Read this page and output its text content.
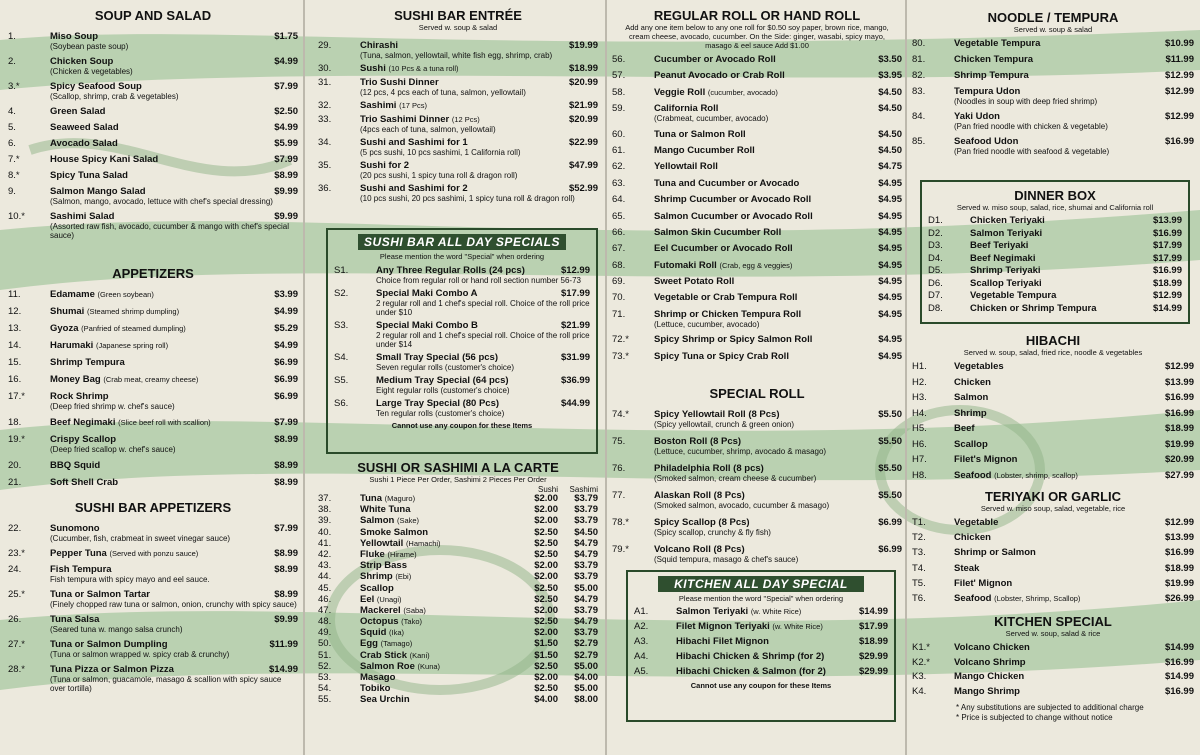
SOUP AND SALAD
1.	Miso Soup
(Soybean paste soup)
$1.75
2.	Chicken Soup
(Chicken & vegetables)
$4.99
3.*	Spicy Seafood Soup
(Scallop, shrimp, crab & vegetables)
$7.99
4.	Green Salad	$2.50
5.	Seaweed Salad	$4.99
6.	Avocado Salad	$5.99
7.*	House Spicy Kani Salad	$7.99
8.*	Spicy Tuna Salad	$8.99
9.	Salmon Mango Salad
(Salmon, mango, avocado, lettuce with chef's special dressing)
$9.99
10.*	Sashimi Salad
(Assorted raw fish, avocado, cucumber & mango with chef's special sauce)
$9.99
APPETIZERS
11.	Edamame (Green soybean)	$3.99
12.	Shumai (Steamed shrimp dumpling)	$4.99
13.	Gyoza (Panfried of steamed dumpling)	$5.29
14.	Harumaki (Japanese spring roll)	$4.99
15.	Shrimp Tempura	$6.99
16.	Money Bag (Crab meat, creamy cheese)	$6.99
17.*	Rock Shrimp
(Deep fried shrimp w. chef's sauce)
$6.99
18.	Beef Negimaki (Slice beef roll with scallion)	$7.99
19.*	Crispy Scallop
(Deep fried scallop w. chef's sauce)
$8.99
20.	BBQ Squid	$8.99
21.	Soft Shell Crab	$8.99
SUSHI BAR APPETIZERS
22.	Sunomono
(Cucumber, fish, crabmeat in sweet vinegar sauce)
$7.99
23.*	Pepper Tuna (Served with ponzu sauce)	$8.99
24.	Fish Tempura
Fish tempura with spicy mayo and eel sauce.
$8.99
25.*	Tuna or Salmon Tartar
(Finely chopped raw tuna or salmon, onion, crunchy with spicy sauce)
$8.99
26.	Tuna Salsa
(Seared tuna w. mango salsa crunch)
$9.99
27.*	Tuna or Salmon Dumpling
(Tuna or salmon wrapped w. spicy crab & crunchy)
$11.99
28.*	Tuna Pizza or Salmon Pizza
(Tuna or salmon, guacamole, masago & scallion with spicy sauce over tortilla)
$14.99
SUSHI BAR ENTRÉE
Served w. soup & salad
29.	Chirashi
(Tuna, salmon, yellowtail, white fish egg, shrimp, crab)
$19.99
30.	Sushi (10 Pcs & a tuna roll)	$18.99
31.	Trio Sushi Dinner
(12 pcs, 4 pcs each of tuna, salmon, yellowtail)
$20.99
32.	Sashimi (17 Pcs)	$21.99
33.	Trio Sashimi Dinner (12 Pcs)
(4pcs each of tuna, salmon, yellowtail)
$20.99
34.	Sushi and Sashimi for 1
(5 pcs sushi, 10 pcs sashimi, 1 California roll)
$22.99
35.	Sushi for 2
(20 pcs sushi, 1 spicy tuna roll & dragon roll)
$47.99
36.	Sushi and Sashimi for 2
(10 pcs sushi, 20 pcs sashimi, 1 spicy tuna roll & dragon roll)
$52.99
SUSHI BAR ALL DAY SPECIALS
Please mention the word "Special" when ordering
S1.	Any Three Regular Rolls (24 pcs)
Choice from regular roll or hand roll section number 56-73
$12.99
S2.	Special Maki Combo A
2 regular roll and 1 chef's special roll. Choice of the roll price under $10
$17.99
S3.	Special Maki Combo B
2 regular roll and 1 chef's special roll. Choice of the roll price under $14
$21.99
S4.	Small Tray Special (56 pcs)
Seven regular rolls (customer's choice)
$31.99
S5.	Medium Tray Special (64 pcs)
Eight regular rolls (customer's choice)
$36.99
S6.	Large Tray Special (80 Pcs)
Ten regular rolls (customer's choice)
$44.99
Cannot use any coupon for these Items
SUSHI OR SASHIMI A LA CARTE
Sushi 1 Piece Per Order, Sashimi 2 Pieces Per Order
Sushi Sashimi
37.	Tuna (Maguro)	$2.00 $3.79
38.	White Tuna	$2.00 $3.79
39.	Salmon (Sake)	$2.00 $3.79
40.	Smoke Salmon	$2.50 $4.50
41.	Yellowtail (Hamachi)	$2.50 $4.79
42.	Fluke (Hirame)	$2.50 $4.79
43.	Strip Bass	$2.00 $3.79
44.	Shrimp (Ebi)	$2.00 $3.79
45.	Scallop	$2.50 $5.00
46.	Eel (Unagi)	$2.50 $4.79
47.	Mackerel (Saba)	$2.00 $3.79
48.	Octopus (Tako)	$2.50 $4.79
49.	Squid (Ika)	$2.00 $3.79
50.	Egg (Tamago)	$1.50 $2.79
51.	Crab Stick (Kani)	$1.50 $2.79
52.	Salmon Roe (Kuna)	$2.50 $5.00
53.	Masago	$2.00 $4.00
54.	Tobiko	$2.50 $5.00
55.	Sea Urchin	$4.00 $8.00
REGULAR ROLL OR HAND ROLL
Add any one item below to any one roll for $0.50 soy paper, brown rice, mango, cream cheese, avocado, cucumber. On the Side: ginger, wasabi, spicy mayo, masago & eel sauce Add $1.00
56.	Cucumber or Avocado Roll	$3.50
57.	Peanut Avocado or Crab Roll	$3.95
58.	Veggie Roll (cucumber, avocado)	$4.50
59.	California Roll
(Crabmeat, cucumber, avocado)
$4.50
60.	Tuna or Salmon Roll	$4.50
61.	Mango Cucumber Roll	$4.50
62.	Yellowtail Roll	$4.75
63.	Tuna and Cucumber or Avocado	$4.95
64.	Shrimp Cucumber or Avocado Roll	$4.95
65.	Salmon Cucumber or Avocado Roll	$4.95
66.	Salmon Skin Cucumber Roll	$4.95
67.	Eel Cucumber or Avocado Roll	$4.95
68.	Futomaki Roll (Crab, egg & veggies)	$4.95
69.	Sweet Potato Roll	$4.95
70.	Vegetable or Crab Tempura Roll	$4.95
71.	Shrimp or Chicken Tempura Roll
(Lettuce, cucumber, avocado)
$4.95
72.*	Spicy Shrimp or Spicy Salmon Roll	$4.95
73.*	Spicy Tuna or Spicy Crab Roll	$4.95
SPECIAL ROLL
74.*	Spicy Yellowtail Roll (8 Pcs)
(Spicy yellowtail, crunch & green onion)
$5.50
75.	Boston Roll (8 Pcs)
(Lettuce, cucumber, shrimp, avocado & masago)
$5.50
76.	Philadelphia Roll (8 pcs)
(Smoked salmon, cream cheese & cucumber)
$5.50
77.	Alaskan Roll (8 Pcs)
(Smoked salmon, avocado, cucumber & masago)
$5.50
78.*	Spicy Scallop (8 Pcs)
(Spicy scallop, crunchy & fly fish)
$6.99
79.*	Volcano Roll (8 Pcs)
(Squid tempura, masago & chef's sauce)
$6.99
KITCHEN ALL DAY SPECIAL
Please mention the word "Special" when ordering
A1.	Salmon Teriyaki (w. White Rice)	$14.99
A2.	Filet Mignon Teriyaki (w. White Rice)	$17.99
A3.	Hibachi Filet Mignon	$18.99
A4.	Hibachi Chicken & Shrimp (for 2)	$29.99
A5.	Hibachi Chicken & Salmon (for 2)	$29.99
Cannot use any coupon for these Items
NOODLE / TEMPURA
Served w. soup & salad
80.	Vegetable Tempura	$10.99
81.	Chicken Tempura	$11.99
82.	Shrimp Tempura	$12.99
83.	Tempura Udon
(Noodles in soup with deep fried shrimp)
$12.99
84.	Yaki Udon
(Pan fried noodle with chicken & vegetable)
$12.99
85.	Seafood Udon
(Pan fried noodle with seafood & vegetable)
$16.99
DINNER BOX
Served w. miso soup, salad, rice, shumai and California roll
D1.	Chicken Teriyaki	$13.99
D2.	Salmon Teriyaki	$16.99
D3.	Beef Teriyaki	$17.99
D4.	Beef Negimaki	$17.99
D5.	Shrimp Teriyaki	$16.99
D6.	Scallop Teriyaki	$18.99
D7.	Vegetable Tempura	$12.99
D8.	Chicken or Shrimp Tempura	$14.99
HIBACHI
Served w. soup, salad, fried rice, noodle & vegetables
H1.	Vegetables	$12.99
H2.	Chicken	$13.99
H3.	Salmon	$16.99
H4.	Shrimp	$16.99
H5.	Beef	$18.99
H6.	Scallop	$19.99
H7.	Filet's Mignon	$20.99
H8.	Seafood (Lobster, shrimp, scallop)	$27.99
TERIYAKI OR GARLIC
Served w. miso soup, salad, vegetable, rice
T1.	Vegetable	$12.99
T2.	Chicken	$13.99
T3.	Shrimp or Salmon	$16.99
T4.	Steak	$18.99
T5.	Filet' Mignon	$19.99
T6.	Seafood (Lobster, Shrimp, Scallop)	$26.99
KITCHEN SPECIAL
Served w. soup, salad & rice
K1.*	Volcano Chicken	$14.99
K2.*	Volcano Shrimp	$16.99
K3.	Mango Chicken	$14.99
K4.	Mango Shrimp	$16.99
* Any substitutions are subjected to additional charge
* Price is subjected to change without notice
